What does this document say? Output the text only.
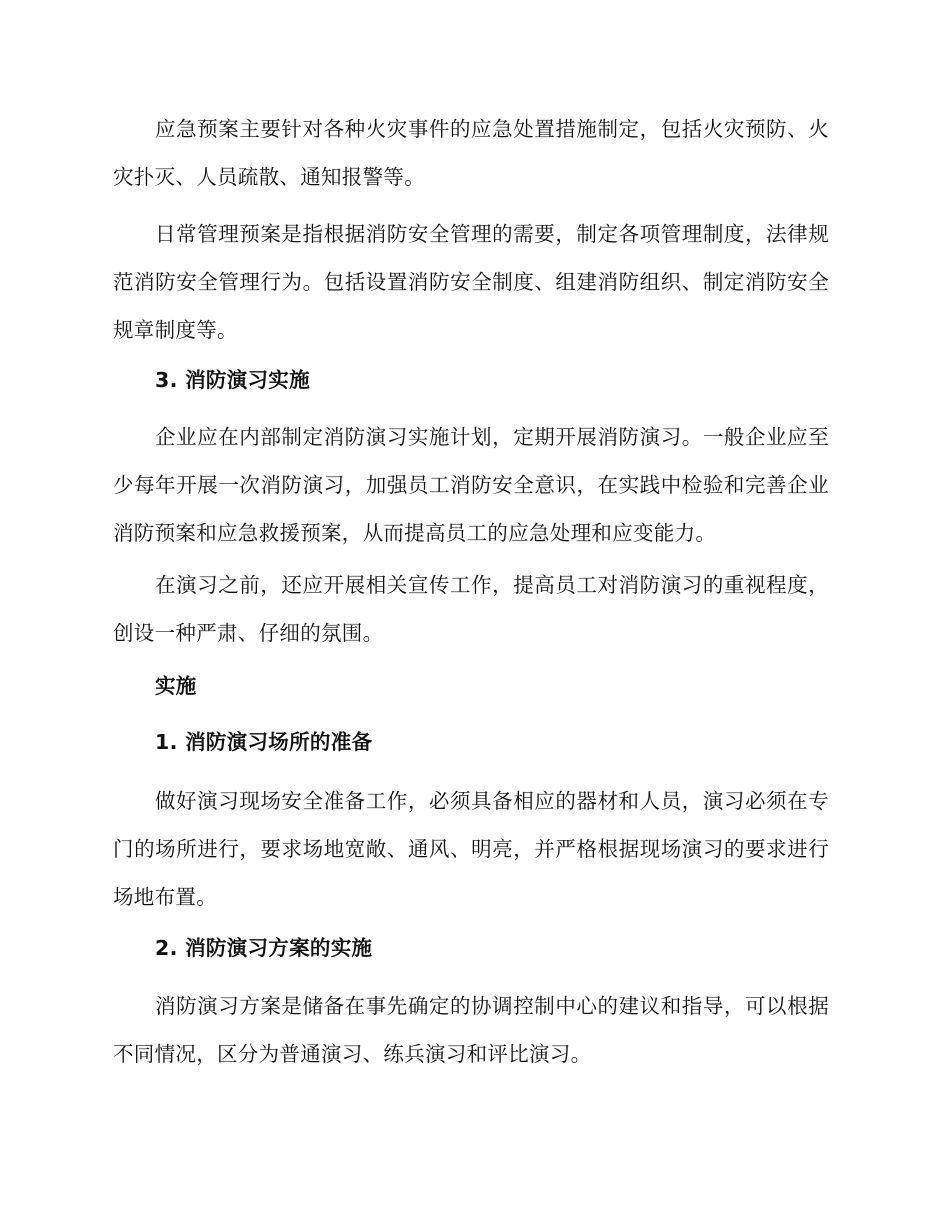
应急预案主要针对各种火灾事件的应急处置措施制定，包括火灾预防、火灾扑灭、人员疏散、通知报警等。

日常管理预案是指根据消防安全管理的需要，制定各项管理制度，法律规范消防安全管理行为。包括设置消防安全制度、组建消防组织、制定消防安全规章制度等。

3. 消防演习实施

企业应在内部制定消防演习实施计划，定期开展消防演习。一般企业应至少每年开展一次消防演习，加强员工消防安全意识，在实践中检验和完善企业消防预案和应急救援预案，从而提高员工的应急处理和应变能力。

在演习之前，还应开展相关宣传工作，提高员工对消防演习的重视程度，创设一种严肃、仔细的氛围。

实施

1. 消防演习场所的准备

做好演习现场安全准备工作，必须具备相应的器材和人员，演习必须在专门的场所进行，要求场地宽敞、通风、明亮，并严格根据现场演习的要求进行场地布置。

2. 消防演习方案的实施

消防演习方案是储备在事先确定的协调控制中心的建议和指导，可以根据不同情况，区分为普通演习、练兵演习和评比演习。
